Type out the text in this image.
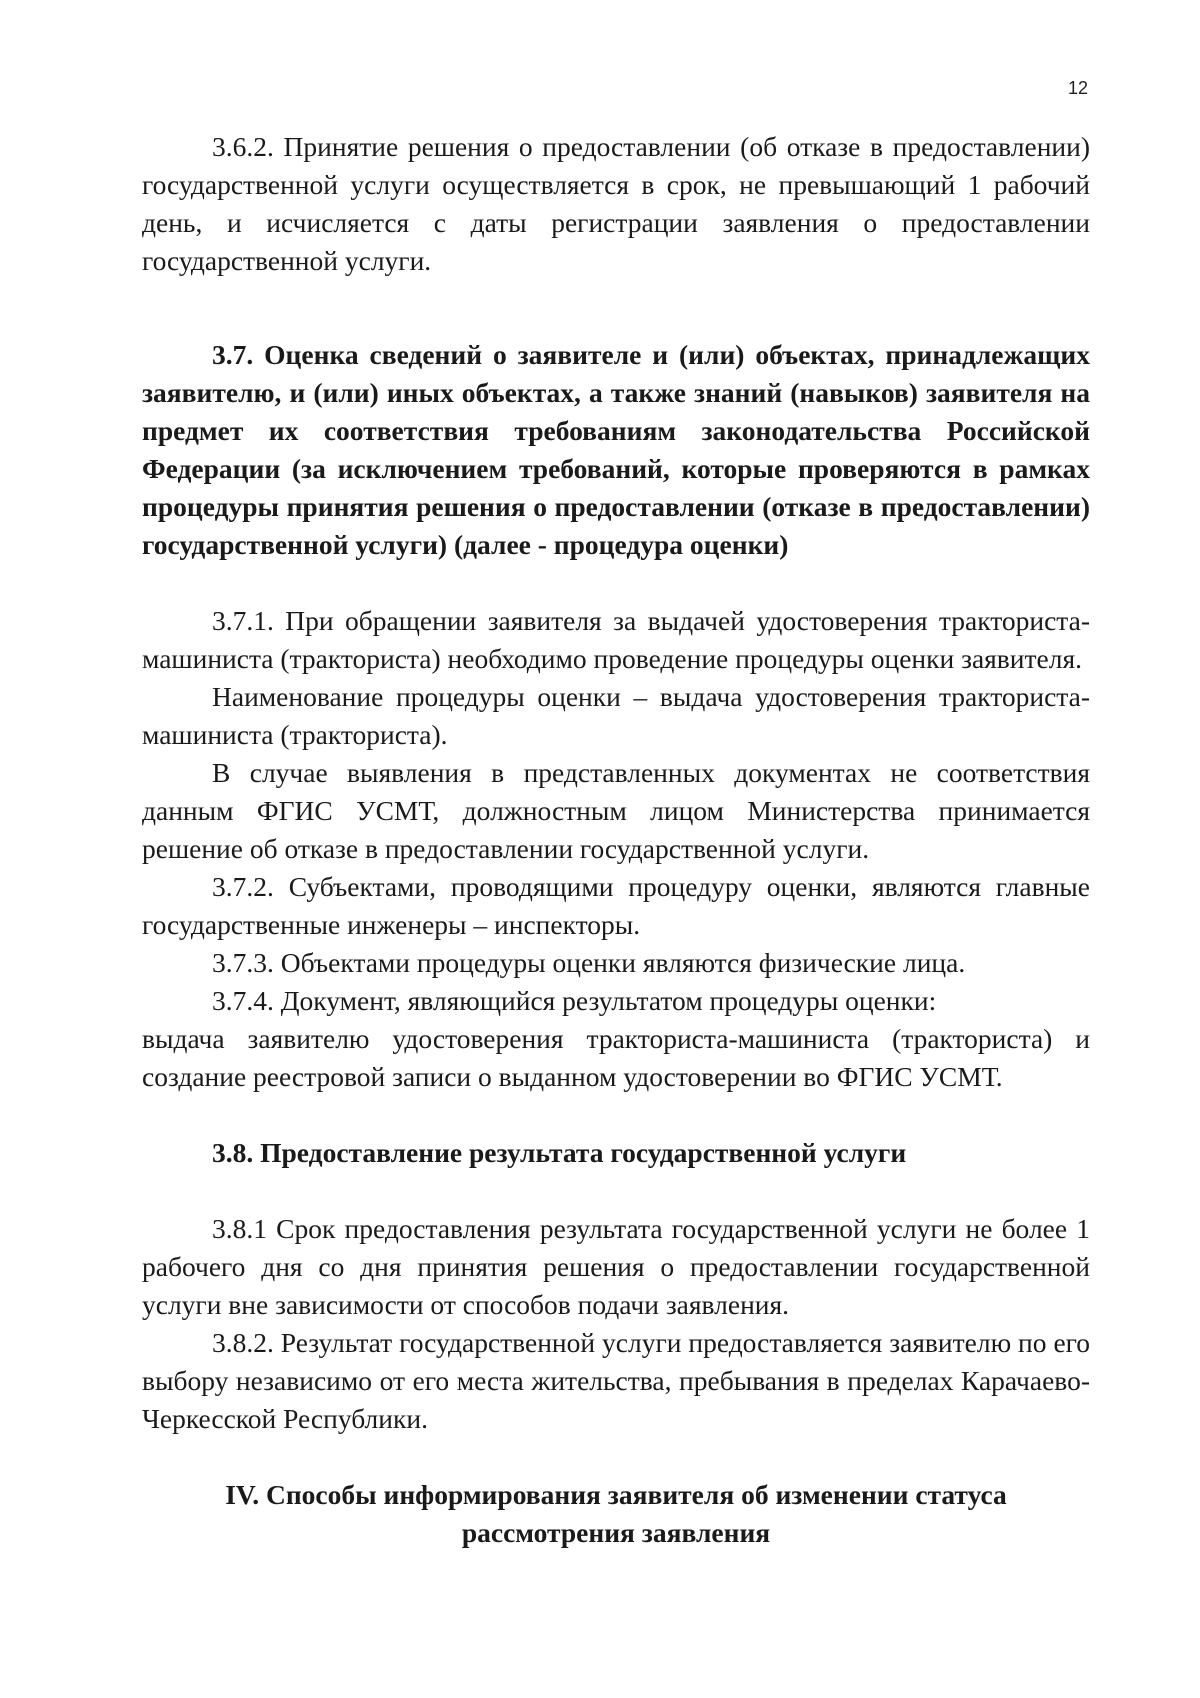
12

3.6.2. Принятие решения о предоставлении (об отказе в предоставлении) государственной услуги осуществляется в срок, не превышающий 1 рабочий день, и исчисляется с даты регистрации заявления о предоставлении государственной услуги.

3.7. Оценка сведений о заявителе и (или) объектах, принадлежащих заявителю, и (или) иных объектах, а также знаний (навыков) заявителя на предмет их соответствия требованиям законодательства Российской Федерации (за исключением требований, которые проверяются в рамках процедуры принятия решения о предоставлении (отказе в предоставлении) государственной услуги) (далее - процедура оценки)

3.7.1. При обращении заявителя за выдачей удостоверения тракториста-машиниста (тракториста) необходимо проведение процедуры оценки заявителя.

Наименование процедуры оценки – выдача удостоверения тракториста-машиниста (тракториста).

В случае выявления в представленных документах не соответствия данным ФГИС УСМТ, должностным лицом Министерства принимается решение об отказе в предоставлении государственной услуги.

3.7.2. Субъектами, проводящими процедуру оценки, являются главные государственные инженеры – инспекторы.

3.7.3. Объектами процедуры оценки являются физические лица.

3.7.4. Документ, являющийся результатом процедуры оценки:

выдача заявителю удостоверения тракториста-машиниста (тракториста) и создание реестровой записи о выданном удостоверении во ФГИС УСМТ.

3.8. Предоставление результата государственной услуги

3.8.1 Срок предоставления результата государственной услуги не более 1 рабочего дня со дня принятия решения о предоставлении государственной услуги вне зависимости от способов подачи заявления.

3.8.2. Результат государственной услуги предоставляется заявителю по его выбору независимо от его места жительства, пребывания в пределах Карачаево-Черкесской Республики.

IV. Способы информирования заявителя об изменении статуса рассмотрения заявления
